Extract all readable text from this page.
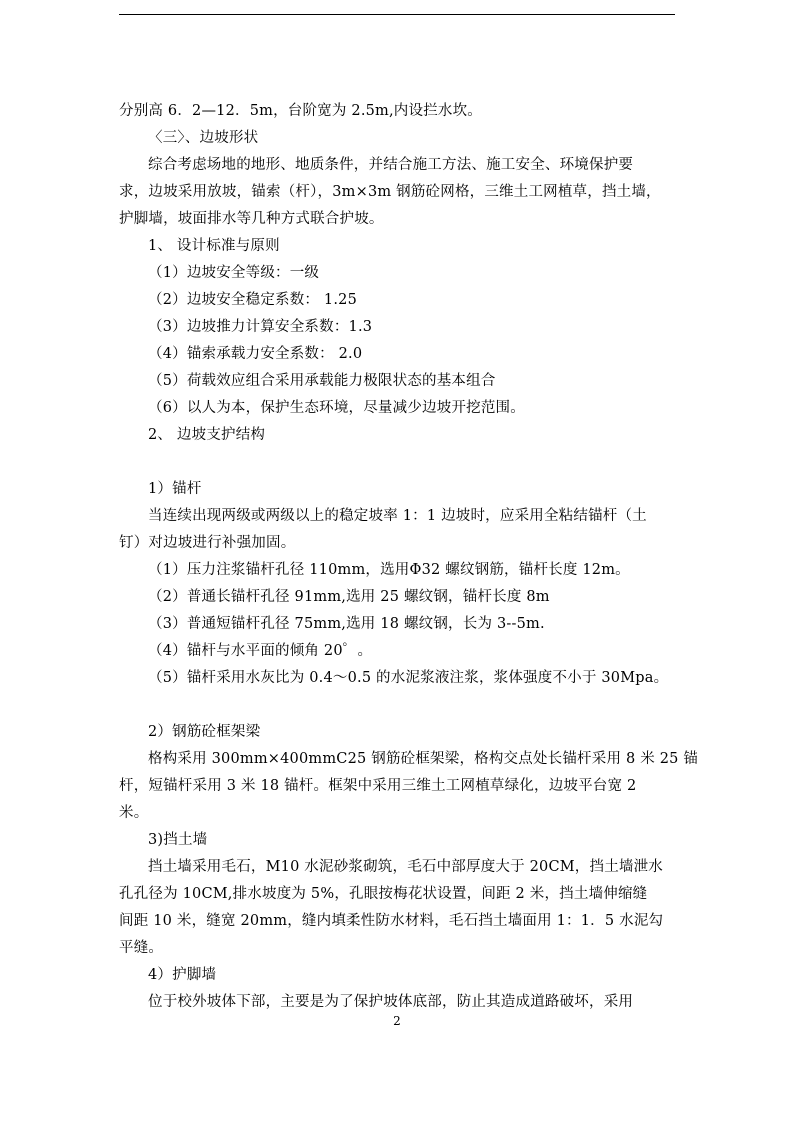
分别高 6．2—12．5m，台阶宽为 2.5m,内设拦水坎。
〈三〉、边坡形状
综合考虑场地的地形、地质条件，并结合施工方法、施工安全、环境保护要
求，边坡采用放坡，锚索（杆），3m×3m 钢筋砼网格，三维土工网植草，挡土墙，
护脚墙，坡面排水等几种方式联合护坡。
1、 设计标准与原则
（1）边坡安全等级：一级
（2）边坡安全稳定系数： 1.25
（3）边坡推力计算安全系数：1.3
（4）锚索承载力安全系数： 2.0
（5）荷载效应组合采用承载能力极限状态的基本组合
（6）以人为本，保护生态环境，尽量减少边坡开挖范围。
2、 边坡支护结构
1）锚杆
当连续出现两级或两级以上的稳定坡率 1：1 边坡时，应采用全粘结锚杆（土
钉）对边坡进行补强加固。
（1）压力注浆锚杆孔径 110mm，选用Φ32 螺纹钢筋，锚杆长度 12m。
（2）普通长锚杆孔径 91mm,选用 25 螺纹钢，锚杆长度 8m
（3）普通短锚杆孔径 75mm,选用 18 螺纹钢，长为 3--5m.
（4）锚杆与水平面的倾角 20゜。
（5）锚杆采用水灰比为 0.4～0.5 的水泥浆液注浆，浆体强度不小于 30Mpa。
2）钢筋砼框架梁
格构采用 300mm×400mmC25 钢筋砼框架梁，格构交点处长锚杆采用 8 米 25 锚
杆，短锚杆采用 3 米 18 锚杆。框架中采用三维土工网植草绿化，边坡平台宽 2
米。
3)挡土墙
挡土墙采用毛石，M10 水泥砂浆砌筑，毛石中部厚度大于 20CM，挡土墙泄水
孔孔径为 10CM,排水坡度为 5%，孔眼按梅花状设置，间距 2 米，挡土墙伸缩缝
间距 10 米，缝宽 20mm，缝内填柔性防水材料，毛石挡土墙面用 1：1．5 水泥勾
平缝。
4）护脚墙
位于校外坡体下部，主要是为了保护坡体底部，防止其造成道路破坏，采用
2
